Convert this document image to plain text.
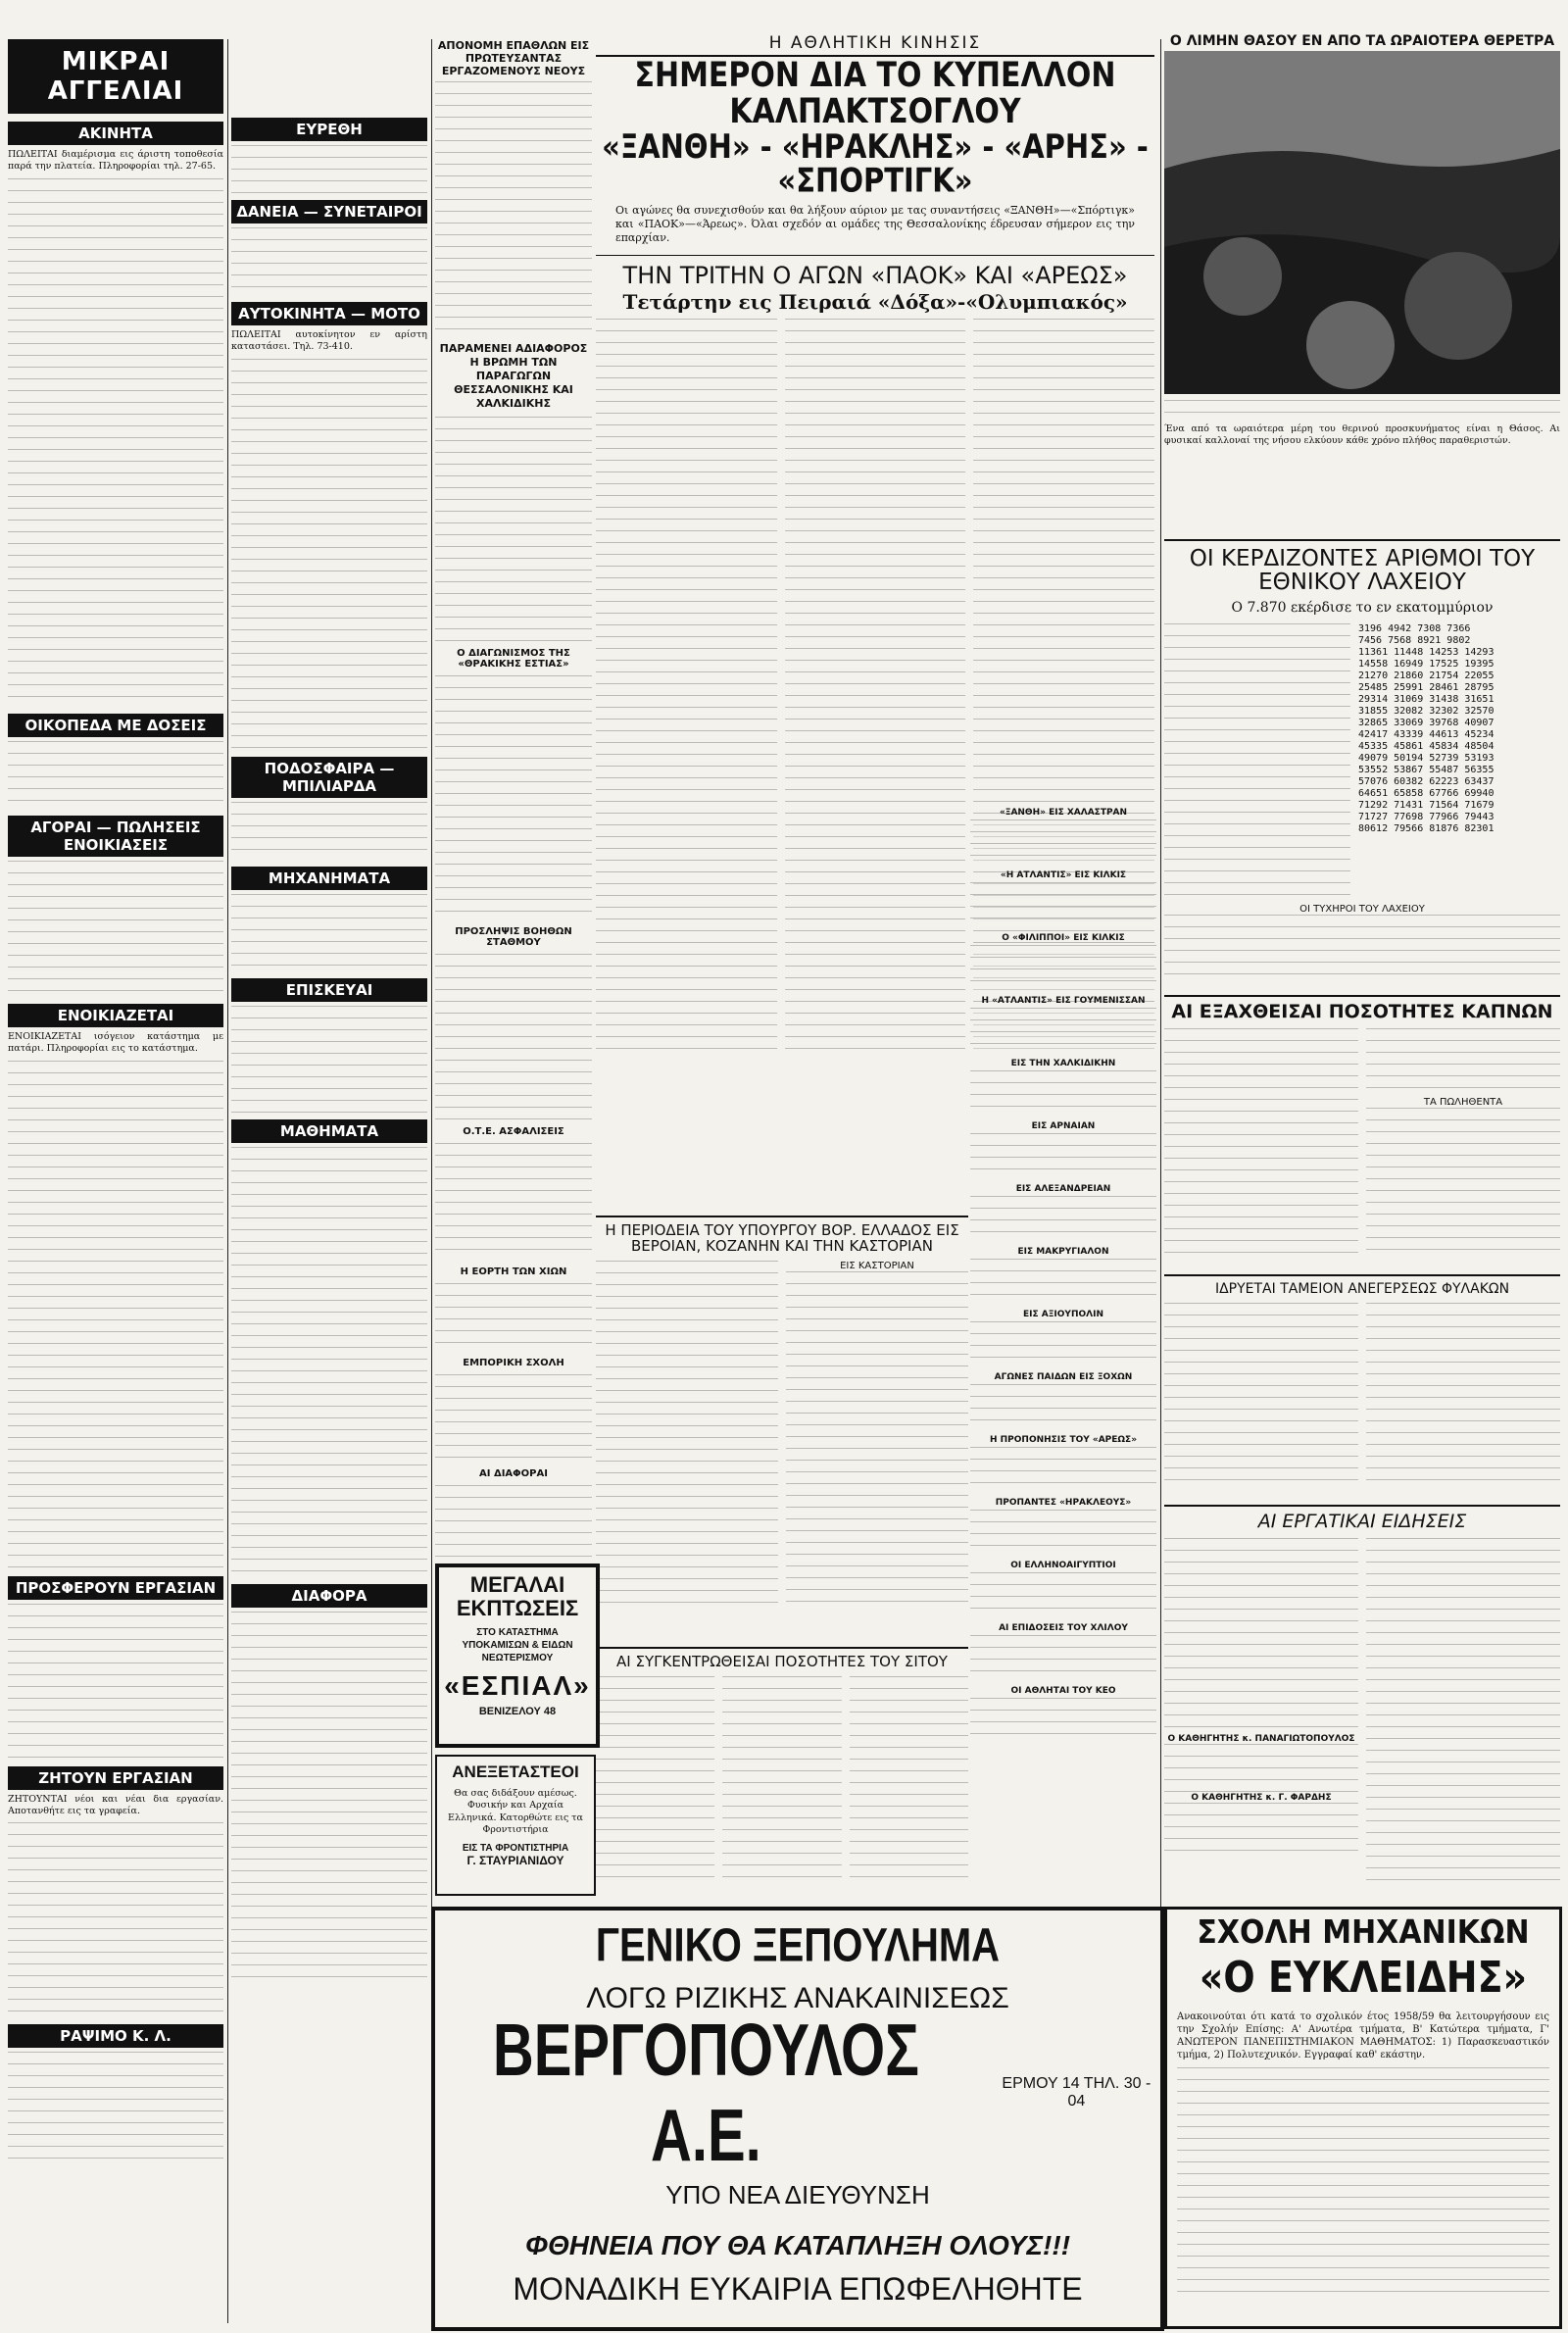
ΜΙΚΡΑΙ ΑΓΓΕΛΙΑΙ
ΑΚΙΝΗΤΑ

ΠΩΛΕΙΤΑΙ διαμέρισμα εις άριστη τοποθεσία παρά την πλατεία. Πληροφορίαι τηλ. 27-65.

ΟΙΚΟΠΕΔΑ ΜΕ ΔΟΣΕΙΣ
ΑΓΟΡΑΙ — ΠΩΛΗΣΕΙΣ ΕΝΟΙΚΙΑΣΕΙΣ
ΕΝΟΙΚΙΑΖΕΤΑΙ

ΕΝΟΙΚΙΑΖΕΤΑΙ ισόγειον κατάστημα με πατάρι. Πληροφορίαι εις το κατάστημα.

ΠΡΟΣΦΕΡΟΥΝ ΕΡΓΑΣΙΑΝ
ΖΗΤΟΥΝ ΕΡΓΑΣΙΑΝ

ΖΗΤΟΥΝΤΑΙ νέοι και νέαι δια εργασίαν. Αποτανθήτε εις τα γραφεία.

ΡΑΨΙΜΟ Κ. Λ.
ΕΥΡΕΘΗ
ΔΑΝΕΙΑ — ΣΥΝΕΤΑΙΡΟΙ
ΑΥΤΟΚΙΝΗΤΑ — ΜΟΤΟ

ΠΩΛΕΙΤΑΙ αυτοκίνητον εν αρίστη καταστάσει. Τηλ. 73-410.

ΠΟΔΟΣΦΑΙΡΑ — ΜΠΙΛΙΑΡΔΑ
ΜΗΧΑΝΗΜΑΤΑ
ΕΠΙΣΚΕΥΑΙ
ΜΑΘΗΜΑΤΑ
ΔΙΑΦΟΡΑ
ΑΠΟΝΟΜΗ ΕΠΑΘΛΩΝ ΕΙΣ ΠΡΩΤΕΥΣΑΝΤΑΣ ΕΡΓΑΖΟΜΕΝΟΥΣ ΝΕΟΥΣ
ΠΑΡΑΜΕΝΕΙ ΑΔΙΑΦΟΡΟΣ Η ΒΡΩΜΗ ΤΩΝ ΠΑΡΑΓΩΓΩΝ ΘΕΣΣΑΛΟΝΙΚΗΣ ΚΑΙ ΧΑΛΚΙΔΙΚΗΣ
Ο ΔΙΑΓΩΝΙΣΜΟΣ ΤΗΣ «ΘΡΑΚΙΚΗΣ ΕΣΤΙΑΣ»
ΠΡΟΣΛΗΨΙΣ ΒΟΗΘΩΝ ΣΤΑΘΜΟΥ
Ο.Τ.Ε. ΑΣΦΑΛΙΣΕΙΣ
Η ΕΟΡΤΗ ΤΩΝ ΧΙΩΝ
ΕΜΠΟΡΙΚΗ ΣΧΟΛΗ
ΑΙ ΔΙΑΦΟΡΑΙ
Η ΑΘΛΗΤΙΚΗ ΚΙΝΗΣΙΣ
ΣΗΜΕΡΟΝ ΔΙΑ ΤΟ ΚΥΠΕΛΛΟΝ ΚΑΛΠΑΚΤΣΟΓΛΟΥ
«ΞΑΝΘΗ» - «ΗΡΑΚΛΗΣ» - «ΑΡΗΣ» - «ΣΠΟΡΤΙΓΚ»

Οι αγώνες θα συνεχισθούν και θα λήξουν αύριον με τας συναντήσεις «ΞΑΝΘΗ»—«Σπόρτιγκ» και «ΠΑΟΚ»—«Άρεως». Όλαι σχεδόν αι ομάδες της Θεσσαλονίκης έδρευσαν σήμερον εις την επαρχίαν.

ΤΗΝ ΤΡΙΤΗΝ Ο ΑΓΩΝ «ΠΑΟΚ» ΚΑΙ «ΑΡΕΩΣ»
Τετάρτην εις Πειραιά «Δόξα»-«Ολυμπιακός»
Η ΠΕΡΙΟΔΕΙΑ ΤΟΥ ΥΠΟΥΡΓΟΥ ΒΟΡ. ΕΛΛΑΔΟΣ ΕΙΣ ΒΕΡΟΙΑΝ, ΚΟΖΑΝΗΝ ΚΑΙ ΤΗΝ ΚΑΣΤΟΡΙΑΝ
ΕΙΣ ΚΑΣΤΟΡΙΑΝ
ΑΙ ΣΥΓΚΕΝΤΡΩΘΕΙΣΑΙ ΠΟΣΟΤΗΤΕΣ ΤΟΥ ΣΙΤΟΥ
«ΞΑΝΘΗ» ΕΙΣ ΧΑΛΑΣΤΡΑΝ
«Η ΑΤΛΑΝΤΙΣ» ΕΙΣ ΚΙΛΚΙΣ
Ο «ΦΙΛΙΠΠΟΙ» ΕΙΣ ΚΙΛΚΙΣ
Η «ΑΤΛΑΝΤΙΣ» ΕΙΣ ΓΟΥΜΕΝΙΣΣΑΝ
ΕΙΣ ΤΗΝ ΧΑΛΚΙΔΙΚΗΝ
ΕΙΣ ΑΡΝΑΙΑΝ
ΕΙΣ ΑΛΕΞΑΝΔΡΕΙΑΝ
ΕΙΣ ΜΑΚΡΥΓΙΑΛΟΝ
ΕΙΣ ΑΞΙΟΥΠΟΛΙΝ
ΑΓΩΝΕΣ ΠΑΙΔΩΝ ΕΙΣ ΞΟΧΩΝ
Η ΠΡΟΠΟΝΗΣΙΣ ΤΟΥ «ΑΡΕΩΣ»
ΠΡΟΠΑΝΤΕΣ «ΗΡΑΚΛΕΟΥΣ»
ΟΙ ΕΛΛΗΝΟΑΙΓΥΠΤΙΟΙ
ΑΙ ΕΠΙΔΟΣΕΙΣ ΤΟΥ ΧΛΙΛΟΥ
ΟΙ ΑΘΛΗΤΑΙ ΤΟΥ ΚΕΟ
Ο ΛΙΜΗΝ ΘΑΣΟΥ ΕΝ ΑΠΟ ΤΑ ΩΡΑΙΟΤΕΡΑ ΘΕΡΕΤΡΑ

Ένα από τα ωραιότερα μέρη του θερινού προσκυνήματος είναι η Θάσος. Αι φυσικαί καλλοναί της νήσου ελκύουν κάθε χρόνο πλήθος παραθεριστών.

ΟΙ ΚΕΡΔΙΖΟΝΤΕΣ ΑΡΙΘΜΟΙ ΤΟΥ ΕΘΝΙΚΟΥ ΛΑΧΕΙΟΥ
Ο 7.870 εκέρδισε το εν εκατομμύριον
3196 4942 7308 7366
7456 7568 8921 9802
11361 11448 14253 14293
14558 16949 17525 19395
21270 21860 21754 22055
25485 25991 28461 28795
29314 31069 31438 31651
31855 32082 32302 32570
32865 33069 39768 40907
42417 43339 44613 45234
45335 45861 45834 48504
49079 50194 52739 53193
53552 53867 55487 56355
57076 60382 62223 63437
64651 65858 67766 69940
71292 71431 71564 71679
71727 77698 77966 79443
80612 79566 81876 82301
ΟΙ ΤΥΧΗΡΟΙ ΤΟΥ ΛΑΧΕΙΟΥ
ΑΙ ΕΞΑΧΘΕΙΣΑΙ ΠΟΣΟΤΗΤΕΣ ΚΑΠΝΩΝ
ΤΑ ΠΩΛΗΘΕΝΤΑ
ΙΔΡΥΕΤΑΙ ΤΑΜΕΙΟΝ ΑΝΕΓΕΡΣΕΩΣ ΦΥΛΑΚΩΝ
ΑΙ ΕΡΓΑΤΙΚΑΙ ΕΙΔΗΣΕΙΣ
Ο ΚΑΘΗΓΗΤΗΣ κ. ΠΑΝΑΓΙΩΤΟΠΟΥΛΟΣ
Ο ΚΑΘΗΓΗΤΗΣ κ. Γ. ΦΑΡΔΗΣ
ΜΕΓΑΛΑΙ ΕΚΠΤΩΣΕΙΣ
ΣΤΟ ΚΑΤΑΣΤΗΜΑ ΥΠΟΚΑΜΙΣΩΝ & ΕΙΔΩΝ ΝΕΩΤΕΡΙΣΜΟΥ
«ΕΣΠΙΑΛ»
ΒΕΝΙΖΕΛΟΥ 48
ΑΝΕΞΕΤΑΣΤΕΟΙ
Θα σας διδάξουν αμέσως. Φυσικήν και Αρχαία Ελληνικά. Κατορθώτε εις τα Φροντιστήρια
ΕΙΣ ΤΑ ΦΡΟΝΤΙΣΤΗΡΙΑ
Γ. ΣΤΑΥΡΙΑΝΙΔΟΥ
ΣΧΟΛΗ ΜΗΧΑΝΙΚΩΝ
«Ο ΕΥΚΛΕΙΔΗΣ»

Ανακοινούται ότι κατά το σχολικόν έτος 1958/59 θα λειτουργήσουν εις την Σχολήν Επίσης: Α' Ανωτέρα τμήματα, Β' Κατώτερα τμήματα, Γ' ΑΝΩΤΕΡΟΝ ΠΑΝΕΠΙΣΤΗΜΙΑΚΟΝ ΜΑΘΗΜΑΤΟΣ: 1) Παρασκευαστικόν τμήμα, 2) Πολυτεχνικόν. Εγγραφαί καθ' εκάστην.

ΓΕΝΙΚΟ ΞΕΠΟΥΛΗΜΑ
ΛΟΓΩ ΡΙΖΙΚΗΣ ΑΝΑΚΑΙΝΙΣΕΩΣ
ΒΕΡΓΟΠΟΥΛΟΣ Α.Ε.
ΕΡΜΟΥ 14 ΤΗΛ. 30 - 04
ΥΠΟ ΝΕΑ ΔΙΕΥΘΥΝΣΗ
ΦΘΗΝΕΙΑ ΠΟΥ ΘΑ ΚΑΤΑΠΛΗΞΗ ΟΛΟΥΣ!!!
ΜΟΝΑΔΙΚΗ ΕΥΚΑΙΡΙΑ ΕΠΩΦΕΛΗΘΗΤΕ
